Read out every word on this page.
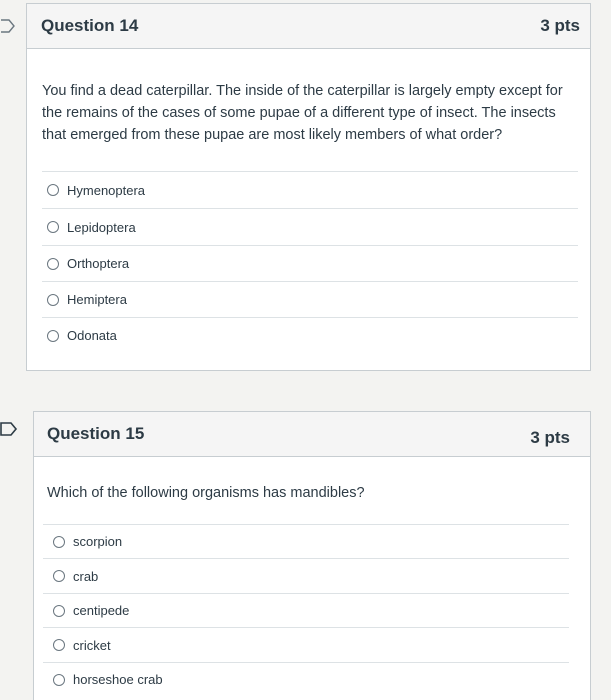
Question 14	3 pts
You find a dead caterpillar. The inside of the caterpillar is largely empty except for the remains of the cases of some pupae of a different type of insect. The insects that emerged from these pupae are most likely members of what order?
Hymenoptera
Lepidoptera
Orthoptera
Hemiptera
Odonata
Question 15	3 pts
Which of the following organisms has mandibles?
scorpion
crab
centipede
cricket
horseshoe crab
